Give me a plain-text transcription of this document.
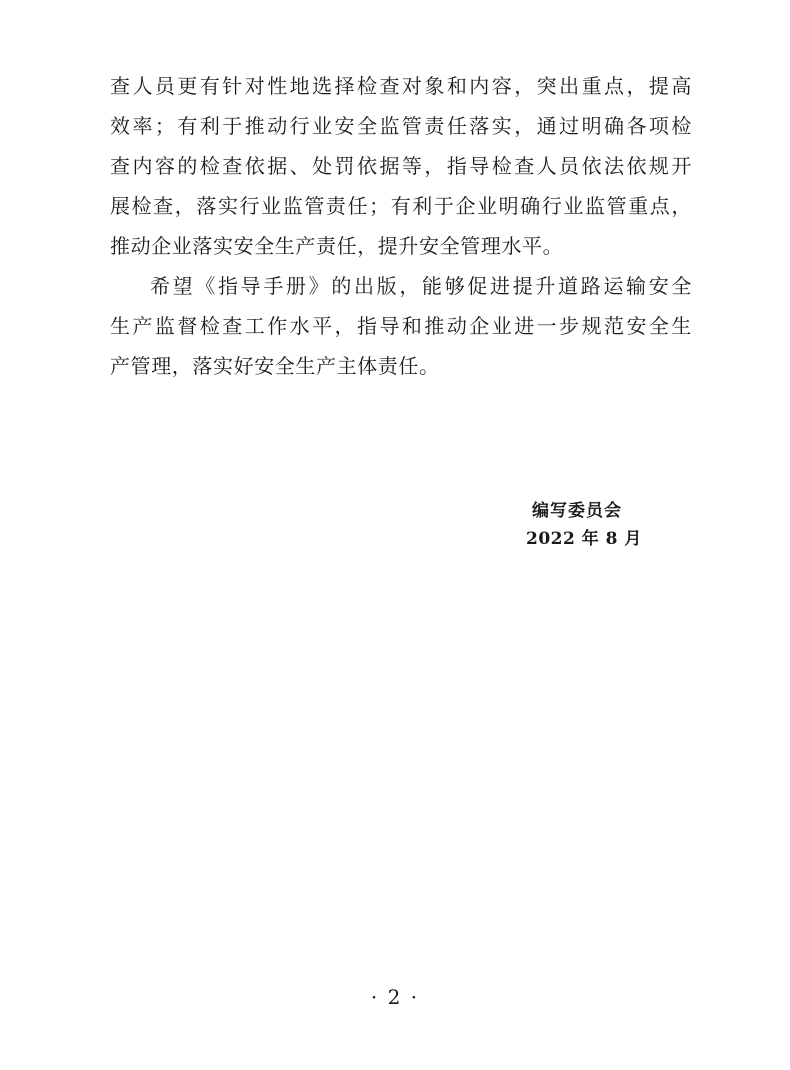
查人员更有针对性地选择检查对象和内容，突出重点，提高
效率；有利于推动行业安全监管责任落实，通过明确各项检
查内容的检查依据、处罚依据等，指导检查人员依法依规开
展检查，落实行业监管责任；有利于企业明确行业监管重点，
推动企业落实安全生产责任，提升安全管理水平。
希望《指导手册》的出版，能够促进提升道路运输安全
生产监督检查工作水平，指导和推动企业进一步规范安全生
产管理，落实好安全生产主体责任。
编写委员会
2022 年 8 月
· 2 ·
